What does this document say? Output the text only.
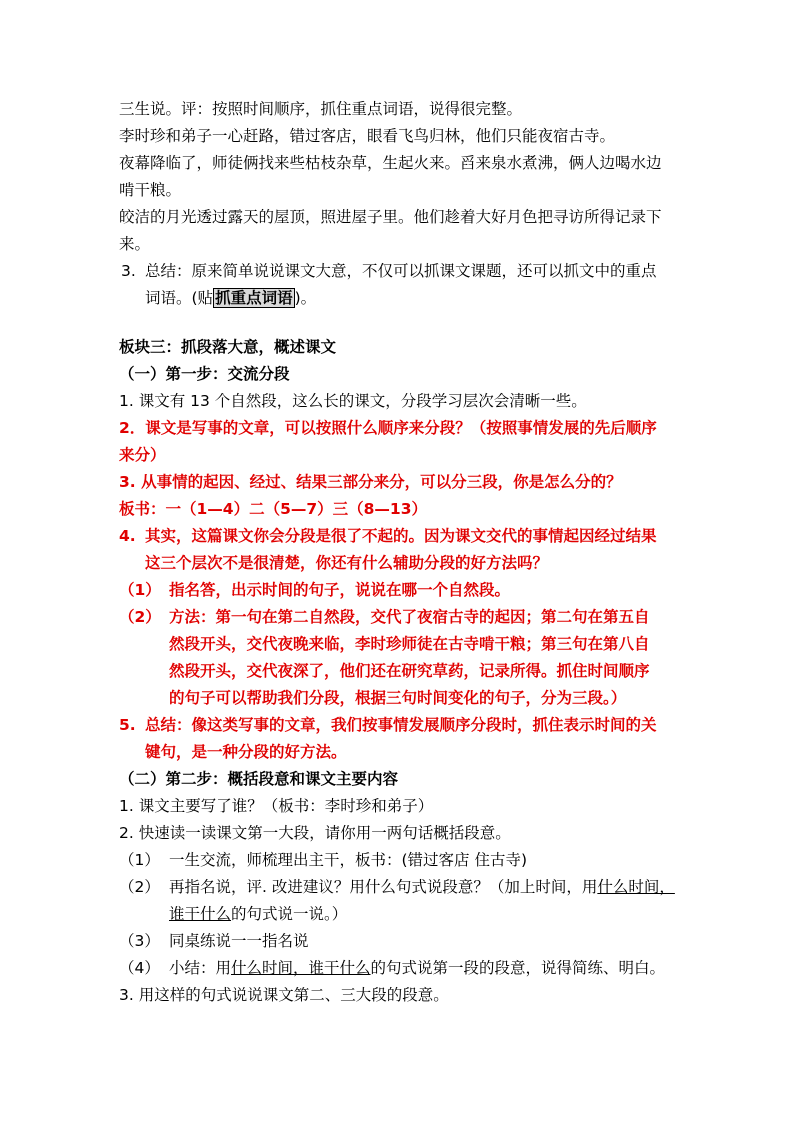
三生说。评：按照时间顺序，抓住重点词语，说得很完整。
李时珍和弟子一心赶路，错过客店，眼看飞鸟归林，他们只能夜宿古寺。
夜幕降临了，师徒俩找来些枯枝杂草，生起火来。舀来泉水煮沸，俩人边喝水边
啃干粮。
皎洁的月光透过露天的屋顶，照进屋子里。他们趁着大好月色把寻访所得记录下
来。
3. 总结：原来简单说说课文大意，不仅可以抓课文课题，还可以抓文中的重点
词语。(贴 抓重点词语 )。
板块三：抓段落大意，概述课文
（一）第一步：交流分段
1. 课文有 13 个自然段，这么长的课文，分段学习层次会清晰一些。
2．课文是写事的文章，可以按照什么顺序来分段？（按照事情发展的先后顺序
来分）
3. 从事情的起因、经过、结果三部分来分，可以分三段，你是怎么分的？
板书：一（1—4）二（5—7）三（8—13）
4. 其实，这篇课文你会分段是很了不起的。因为课文交代的事情起因经过结果
这三个层次不是很清楚，你还有什么辅助分段的好方法吗？
（1） 指名答，出示时间的句子，说说在哪一个自然段。
（2） 方法：第一句在第二自然段，交代了夜宿古寺的起因；第二句在第五自
然段开头，交代夜晚来临，李时珍师徒在古寺啃干粮；第三句在第八自
然段开头，交代夜深了，他们还在研究草药，记录所得。抓住时间顺序
的句子可以帮助我们分段，根据三句时间变化的句子，分为三段。）
5. 总结：像这类写事的文章，我们按事情发展顺序分段时，抓住表示时间的关
键句，是一种分段的好方法。
（二）第二步：概括段意和课文主要内容
1. 课文主要写了谁？（板书：李时珍和弟子）
2. 快速读一读课文第一大段，请你用一两句话概括段意。
（1） 一生交流，师梳理出主干，板书：(错过客店 住古寺)
（2） 再指名说，评. 改进建议？用什么句式说段意？（加上时间，用什么时间，
谁干什么的句式说一说。）
（3） 同桌练说一一指名说
（4） 小结：用什么时间，谁干什么的句式说第一段的段意，说得简练、明白。
3. 用这样的句式说说课文第二、三大段的段意。
